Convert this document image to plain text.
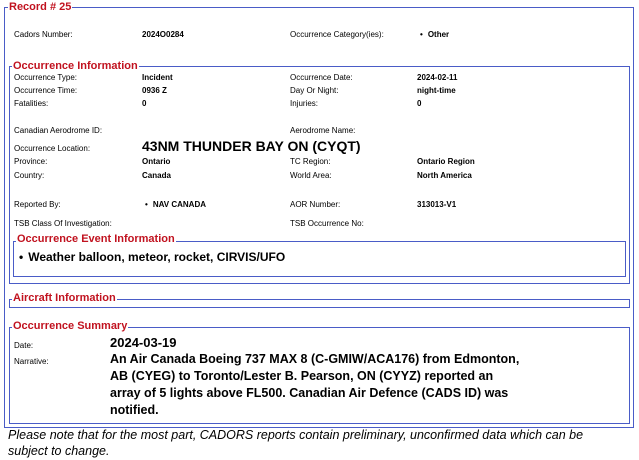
Record # 25
Cadors Number:	2024O0284	Occurrence Category(ies):	• Other
Occurrence Information
Occurrence Type:	Incident	Occurrence Date:	2024-02-11
Occurrence Time:	0936 Z	Day Or Night:	night-time
Fatalities:	0	Injuries:	0
Canadian Aerodrome ID:	Aerodrome Name:
Occurrence Location:	43NM THUNDER BAY ON (CYQT)
Province:	Ontario	TC Region:	Ontario Region
Country:	Canada	World Area:	North America
Reported By:	• NAV CANADA	AOR Number:	313013-V1
TSB Class Of Investigation:	TSB Occurrence No:
Occurrence Event Information
• Weather balloon, meteor, rocket, CIRVIS/UFO
Aircraft Information
Occurrence Summary
Date:	2024-03-19
Narrative:	An Air Canada Boeing 737 MAX 8 (C-GMIW/ACA176) from Edmonton,
AB (CYEG) to Toronto/Lester B. Pearson, ON (CYYZ) reported an
array of 5 lights above FL500. Canadian Air Defence (CADS ID) was
notified.
Please note that for the most part, CADORS reports contain preliminary, unconfirmed data which can be subject to change.
